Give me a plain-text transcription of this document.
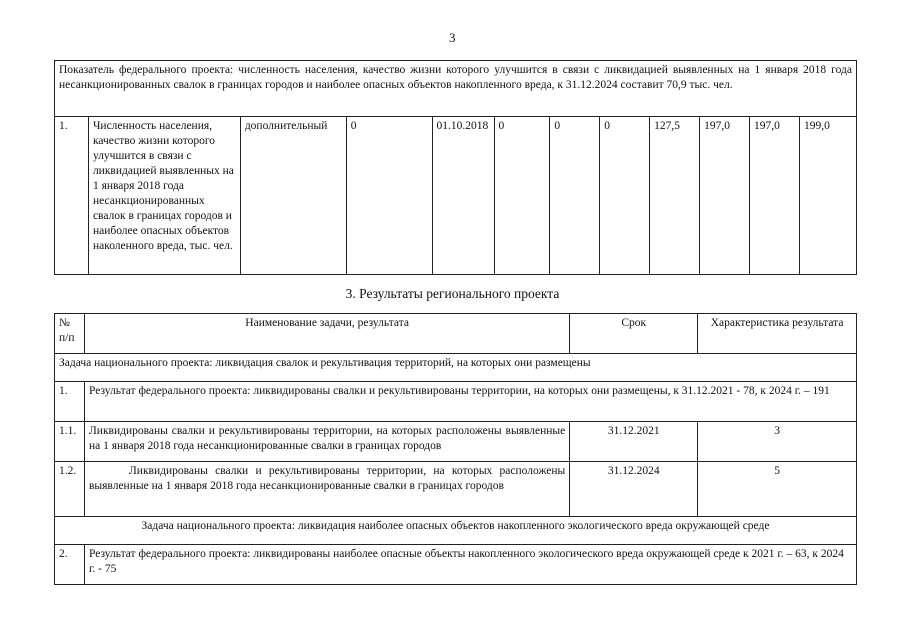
3
Показатель федерального проекта: численность населения, качество жизни которого улучшится в связи с ликвидацией выявленных на 1 января 2018 года несанкционированных свалок в границах городов и наиболее опасных объектов накопленного вреда, к 31.12.2024 составит 70,9 тыс. чел.
1.	Численность населения, качество жизни которого улучшится в связи с ликвидацией выявленных на 1 января 2018 года несанкционированных свалок в границах городов и наиболее опасных объектов наколенного вреда, тыс. чел.	дополнительный	0	01.10.2018	0	0	0	127,5	197,0	197,0	199,0
3. Результаты регионального проекта
№ п/п	Наименование задачи, результата	Срок	Характеристика результата
Задача национального проекта: ликвидация свалок и рекультивация территорий, на которых они размещены			
1.	Результат федерального проекта: ликвидированы свалки и рекультивированы территории, на которых они размещены, к 31.12.2021 - 78, к 2024 г. – 191		
1.1.	Ликвидированы свалки и рекультивированы территории, на которых расположены выявленные на 1 января 2018 года несанкционированные свалки в границах городов	31.12.2021	3
1.2.	Ликвидированы свалки и рекультивированы территории, на которых расположены выявленные на 1 января 2018 года несанкционированные свалки в границах городов	31.12.2024	5
Задача национального проекта: ликвидация наиболее опасных объектов накопленного экологического вреда окружающей среде			
2.	Результат федерального проекта: ликвидированы наиболее опасные объекты накопленного экологического вреда окружающей среде к 2021 г. – 63, к 2024 г. - 75		
